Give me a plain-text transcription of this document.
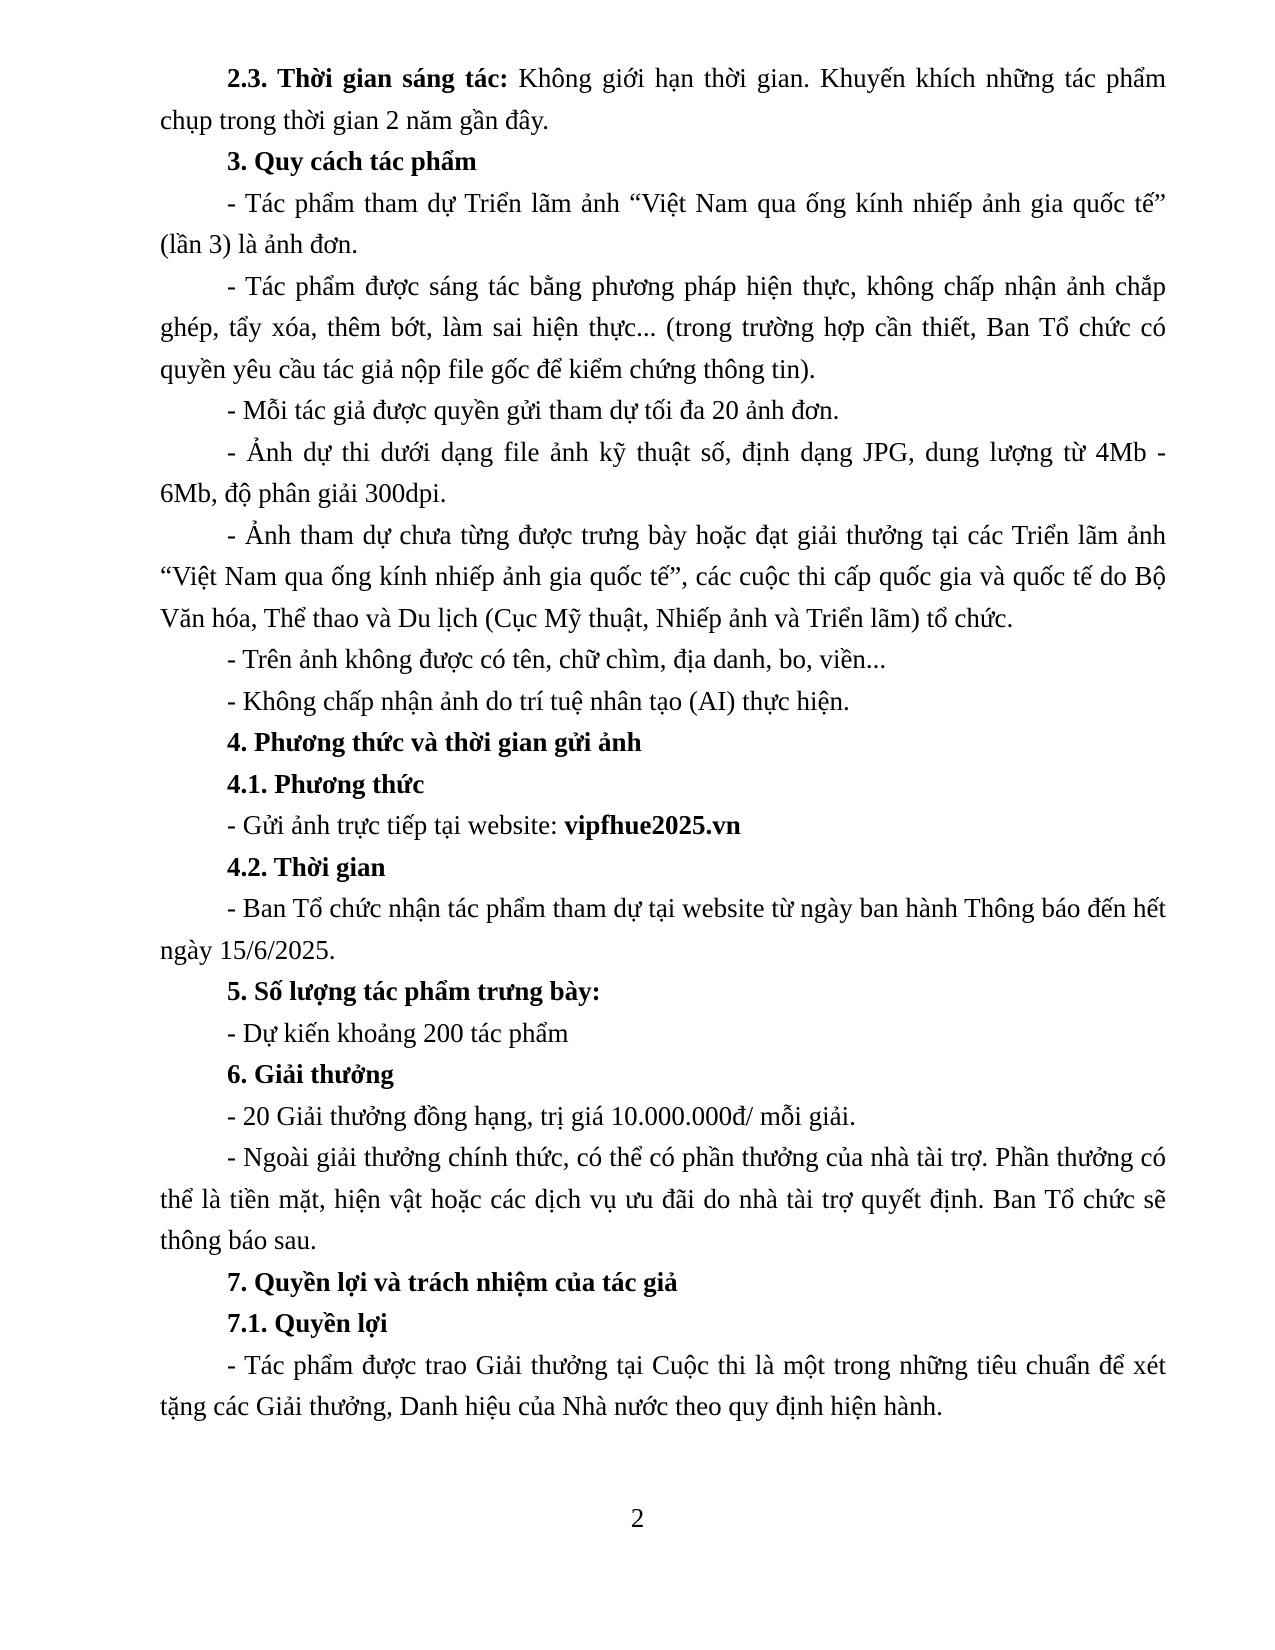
2.3. Thời gian sáng tác: Không giới hạn thời gian. Khuyến khích những tác phẩm chụp trong thời gian 2 năm gần đây.

3. Quy cách tác phẩm

- Tác phẩm tham dự Triển lãm ảnh “Việt Nam qua ống kính nhiếp ảnh gia quốc tế” (lần 3) là ảnh đơn.

- Tác phẩm được sáng tác bằng phương pháp hiện thực, không chấp nhận ảnh chắp ghép, tẩy xóa, thêm bớt, làm sai hiện thực... (trong trường hợp cần thiết, Ban Tổ chức có quyền yêu cầu tác giả nộp file gốc để kiểm chứng thông tin).

- Mỗi tác giả được quyền gửi tham dự tối đa 20 ảnh đơn.

- Ảnh dự thi dưới dạng file ảnh kỹ thuật số, định dạng JPG, dung lượng từ 4Mb - 6Mb, độ phân giải 300dpi.

- Ảnh tham dự chưa từng được trưng bày hoặc đạt giải thưởng tại các Triển lãm ảnh “Việt Nam qua ống kính nhiếp ảnh gia quốc tế”, các cuộc thi cấp quốc gia và quốc tế do Bộ Văn hóa, Thể thao và Du lịch (Cục Mỹ thuật, Nhiếp ảnh và Triển lãm) tổ chức.

- Trên ảnh không được có tên, chữ chìm, địa danh, bo, viền...

- Không chấp nhận ảnh do trí tuệ nhân tạo (AI) thực hiện.

4. Phương thức và thời gian gửi ảnh

4.1. Phương thức

- Gửi ảnh trực tiếp tại website: vipfhue2025.vn

4.2. Thời gian

- Ban Tổ chức nhận tác phẩm tham dự tại website từ ngày ban hành Thông báo đến hết ngày 15/6/2025.

5. Số lượng tác phẩm trưng bày:

- Dự kiến khoảng 200 tác phẩm

6. Giải thưởng

- 20 Giải thưởng đồng hạng, trị giá 10.000.000đ/ mỗi giải.

- Ngoài giải thưởng chính thức, có thể có phần thưởng của nhà tài trợ. Phần thưởng có thể là tiền mặt, hiện vật hoặc các dịch vụ ưu đãi do nhà tài trợ quyết định. Ban Tổ chức sẽ thông báo sau.

7. Quyền lợi và trách nhiệm của tác giả

7.1. Quyền lợi

- Tác phẩm được trao Giải thưởng tại Cuộc thi là một trong những tiêu chuẩn để xét tặng các Giải thưởng, Danh hiệu của Nhà nước theo quy định hiện hành.

2
